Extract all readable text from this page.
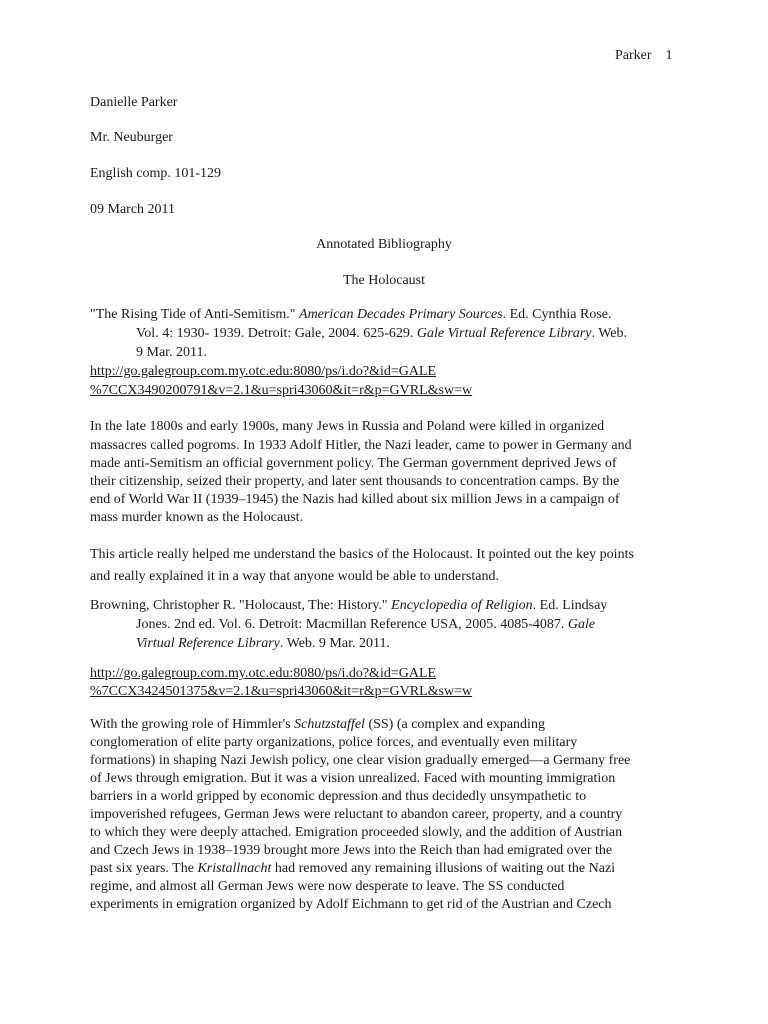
Parker 1
Danielle Parker
Mr. Neuburger
English comp. 101-129
09 March 2011
Annotated Bibliography
The Holocaust
"The Rising Tide of Anti-Semitism." American Decades Primary Sources. Ed. Cynthia Rose.
Vol. 4: 1930- 1939. Detroit: Gale, 2004. 625-629. Gale Virtual Reference Library. Web.
9 Mar. 2011.
http://go.galegroup.com.my.otc.edu:8080/ps/i.do?&id=GALE
%7CCX3490200791&v=2.1&u=spri43060&it=r&p=GVRL&sw=w
In the late 1800s and early 1900s, many Jews in Russia and Poland were killed in organized
massacres called pogroms. In 1933 Adolf Hitler, the Nazi leader, came to power in Germany and
made anti-Semitism an official government policy. The German government deprived Jews of
their citizenship, seized their property, and later sent thousands to concentration camps. By the
end of World War II (1939–1945) the Nazis had killed about six million Jews in a campaign of
mass murder known as the Holocaust.
This article really helped me understand the basics of the Holocaust. It pointed out the key points
and really explained it in a way that anyone would be able to understand.
Browning, Christopher R. "Holocaust, The: History." Encyclopedia of Religion. Ed. Lindsay
Jones. 2nd ed. Vol. 6. Detroit: Macmillan Reference USA, 2005. 4085-4087. Gale
Virtual Reference Library. Web. 9 Mar. 2011.
http://go.galegroup.com.my.otc.edu:8080/ps/i.do?&id=GALE
%7CCX3424501375&v=2.1&u=spri43060&it=r&p=GVRL&sw=w
With the growing role of Himmler's Schutzstaffel (SS) (a complex and expanding
conglomeration of elite party organizations, police forces, and eventually even military
formations) in shaping Nazi Jewish policy, one clear vision gradually emerged—a Germany free
of Jews through emigration. But it was a vision unrealized. Faced with mounting immigration
barriers in a world gripped by economic depression and thus decidedly unsympathetic to
impoverished refugees, German Jews were reluctant to abandon career, property, and a country
to which they were deeply attached. Emigration proceeded slowly, and the addition of Austrian
and Czech Jews in 1938–1939 brought more Jews into the Reich than had emigrated over the
past six years. The Kristallnacht had removed any remaining illusions of waiting out the Nazi
regime, and almost all German Jews were now desperate to leave. The SS conducted
experiments in emigration organized by Adolf Eichmann to get rid of the Austrian and Czech
